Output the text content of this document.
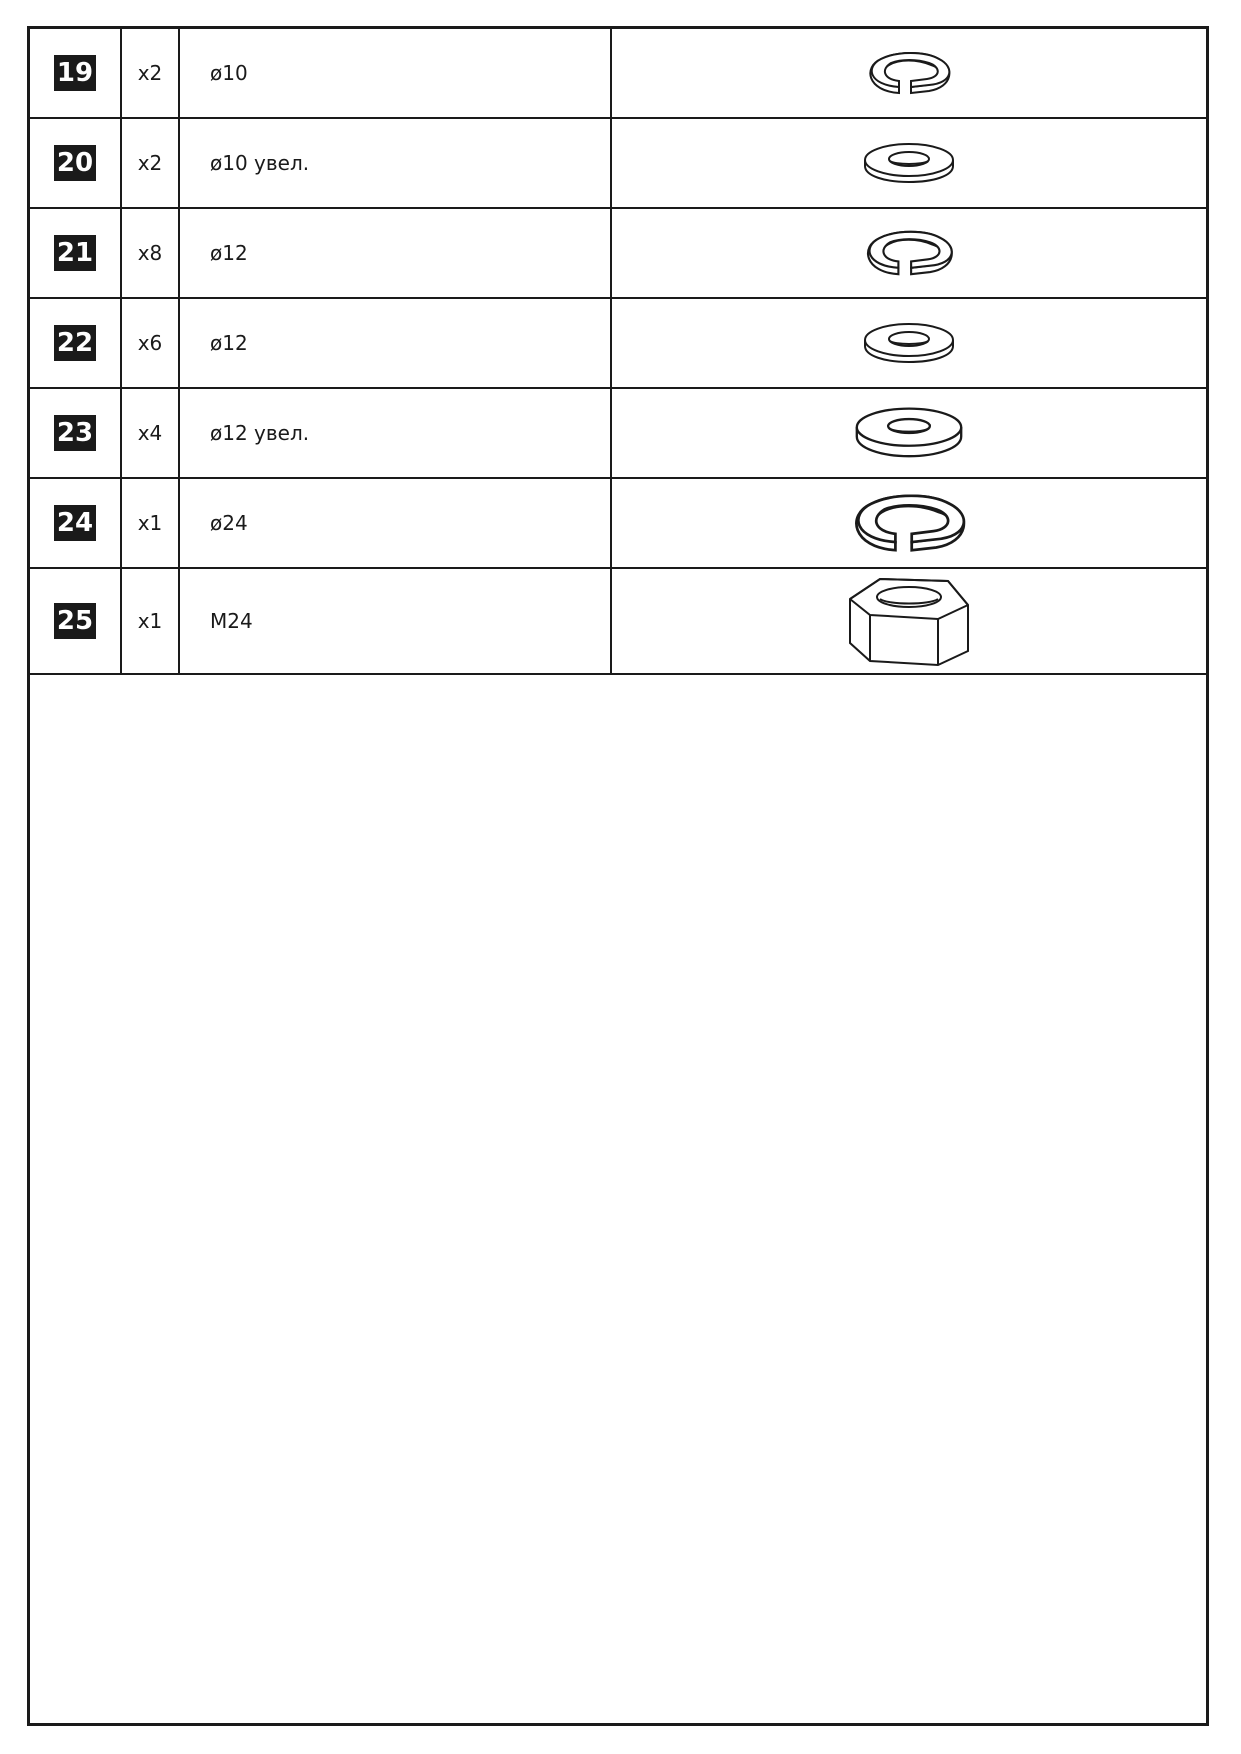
19	x2	ø10	

20	x2	ø10 увел.	

21	x8	ø12	

22	x6	ø12	

23	x4	ø12 увел.	

24	x1	ø24	

25	x1	M24	
